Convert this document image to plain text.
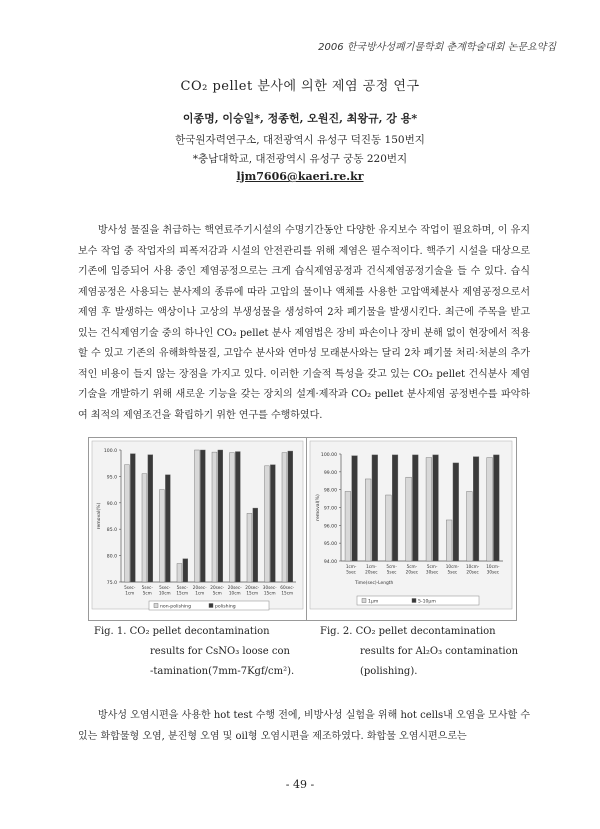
2006 한국방사성폐기물학회 춘계학술대회 논문요약집
CO₂ pellet 분사에 의한 제염 공정 연구
이종명, 이승일*, 정종헌, 오원진, 최왕규, 강 용*
한국원자력연구소, 대전광역시 유성구 덕진동 150번지
*충남대학교, 대전광역시 유성구 궁동 220번지
ljm7606@kaeri.re.kr
방사성 물질을 취급하는 핵연료주기시설의 수명기간동안 다양한 유지보수 작업이 필요하며, 이 유지보수 작업 중 작업자의 피폭저감과 시설의 안전관리를 위해 제염은 필수적이다. 핵주기 시설을 대상으로 기존에 입증되어 사용 중인 제염공정으로는 크게 습식제염공정과 건식제염공정기술을 들 수 있다. 습식제염공정은 사용되는 분사제의 종류에 따라 고압의 물이나 액체를 사용한 고압액체분사 제염공정으로서 제염 후 발생하는 액상이나 고상의 부생성물을 생성하여 2차 폐기물을 발생시킨다. 최근에 주목을 받고 있는 건식제염기술 중의 하나인 CO₂ pellet 분사 제염법은 장비 파손이나 장비 분해 없이 현장에서 적용할 수 있고 기존의 유해화학물질, 고압수 분사와 연마성 모래분사와는 달리 2차 폐기물 처리·처분의 추가적인 비용이 들지 않는 장점을 가지고 있다. 이러한 기술적 특성을 갖고 있는 CO₂ pellet 건식분사 제염기술을 개발하기 위해 새로운 기능을 갖는 장치의 설계·제작과 CO₂ pellet 분사제염 공정변수를 파악하여 최적의 제염조건을 확립하기 위한 연구를 수행하였다.
100.0
95.0
90.0
85.0
80.0
75.0
removal(%)
5sec-
1cm
5sec-
5cm
5sec-
10cm
5sec-
15cm
20sec-
1cm
20sec-
5cm
20sec-
10cm
20sec-
15cm
30sec-
15cm
60sec-
15cm
non-polishing	polishing
100.00
99.00
98.00
97.00
96.00
95.00
94.00
removal(%)
1cm-
5sec
1cm-
20sec
5cm-
5sec
5cm-
20sec
5cm-
30sec
10cm-
5sec
10cm-
20sec
10cm-
30sec
Time(sec)-Length
1μm	5-10μm
Fig. 1. CO₂ pellet decontamination
results for CsNO₃ loose con
-tamination(7mm-7Kgf/cm²).
Fig. 2. CO₂ pellet decontamination
results for Al₂O₃ contamination
(polishing).
방사성 오염시편을 사용한 hot test 수행 전에, 비방사성 실험을 위해 hot cells내 오염을 모사할 수 있는 화합물형 오염, 분진형 오염 및 oil형 오염시편을 제조하였다. 화합물 오염시편으로는
- 49 -
